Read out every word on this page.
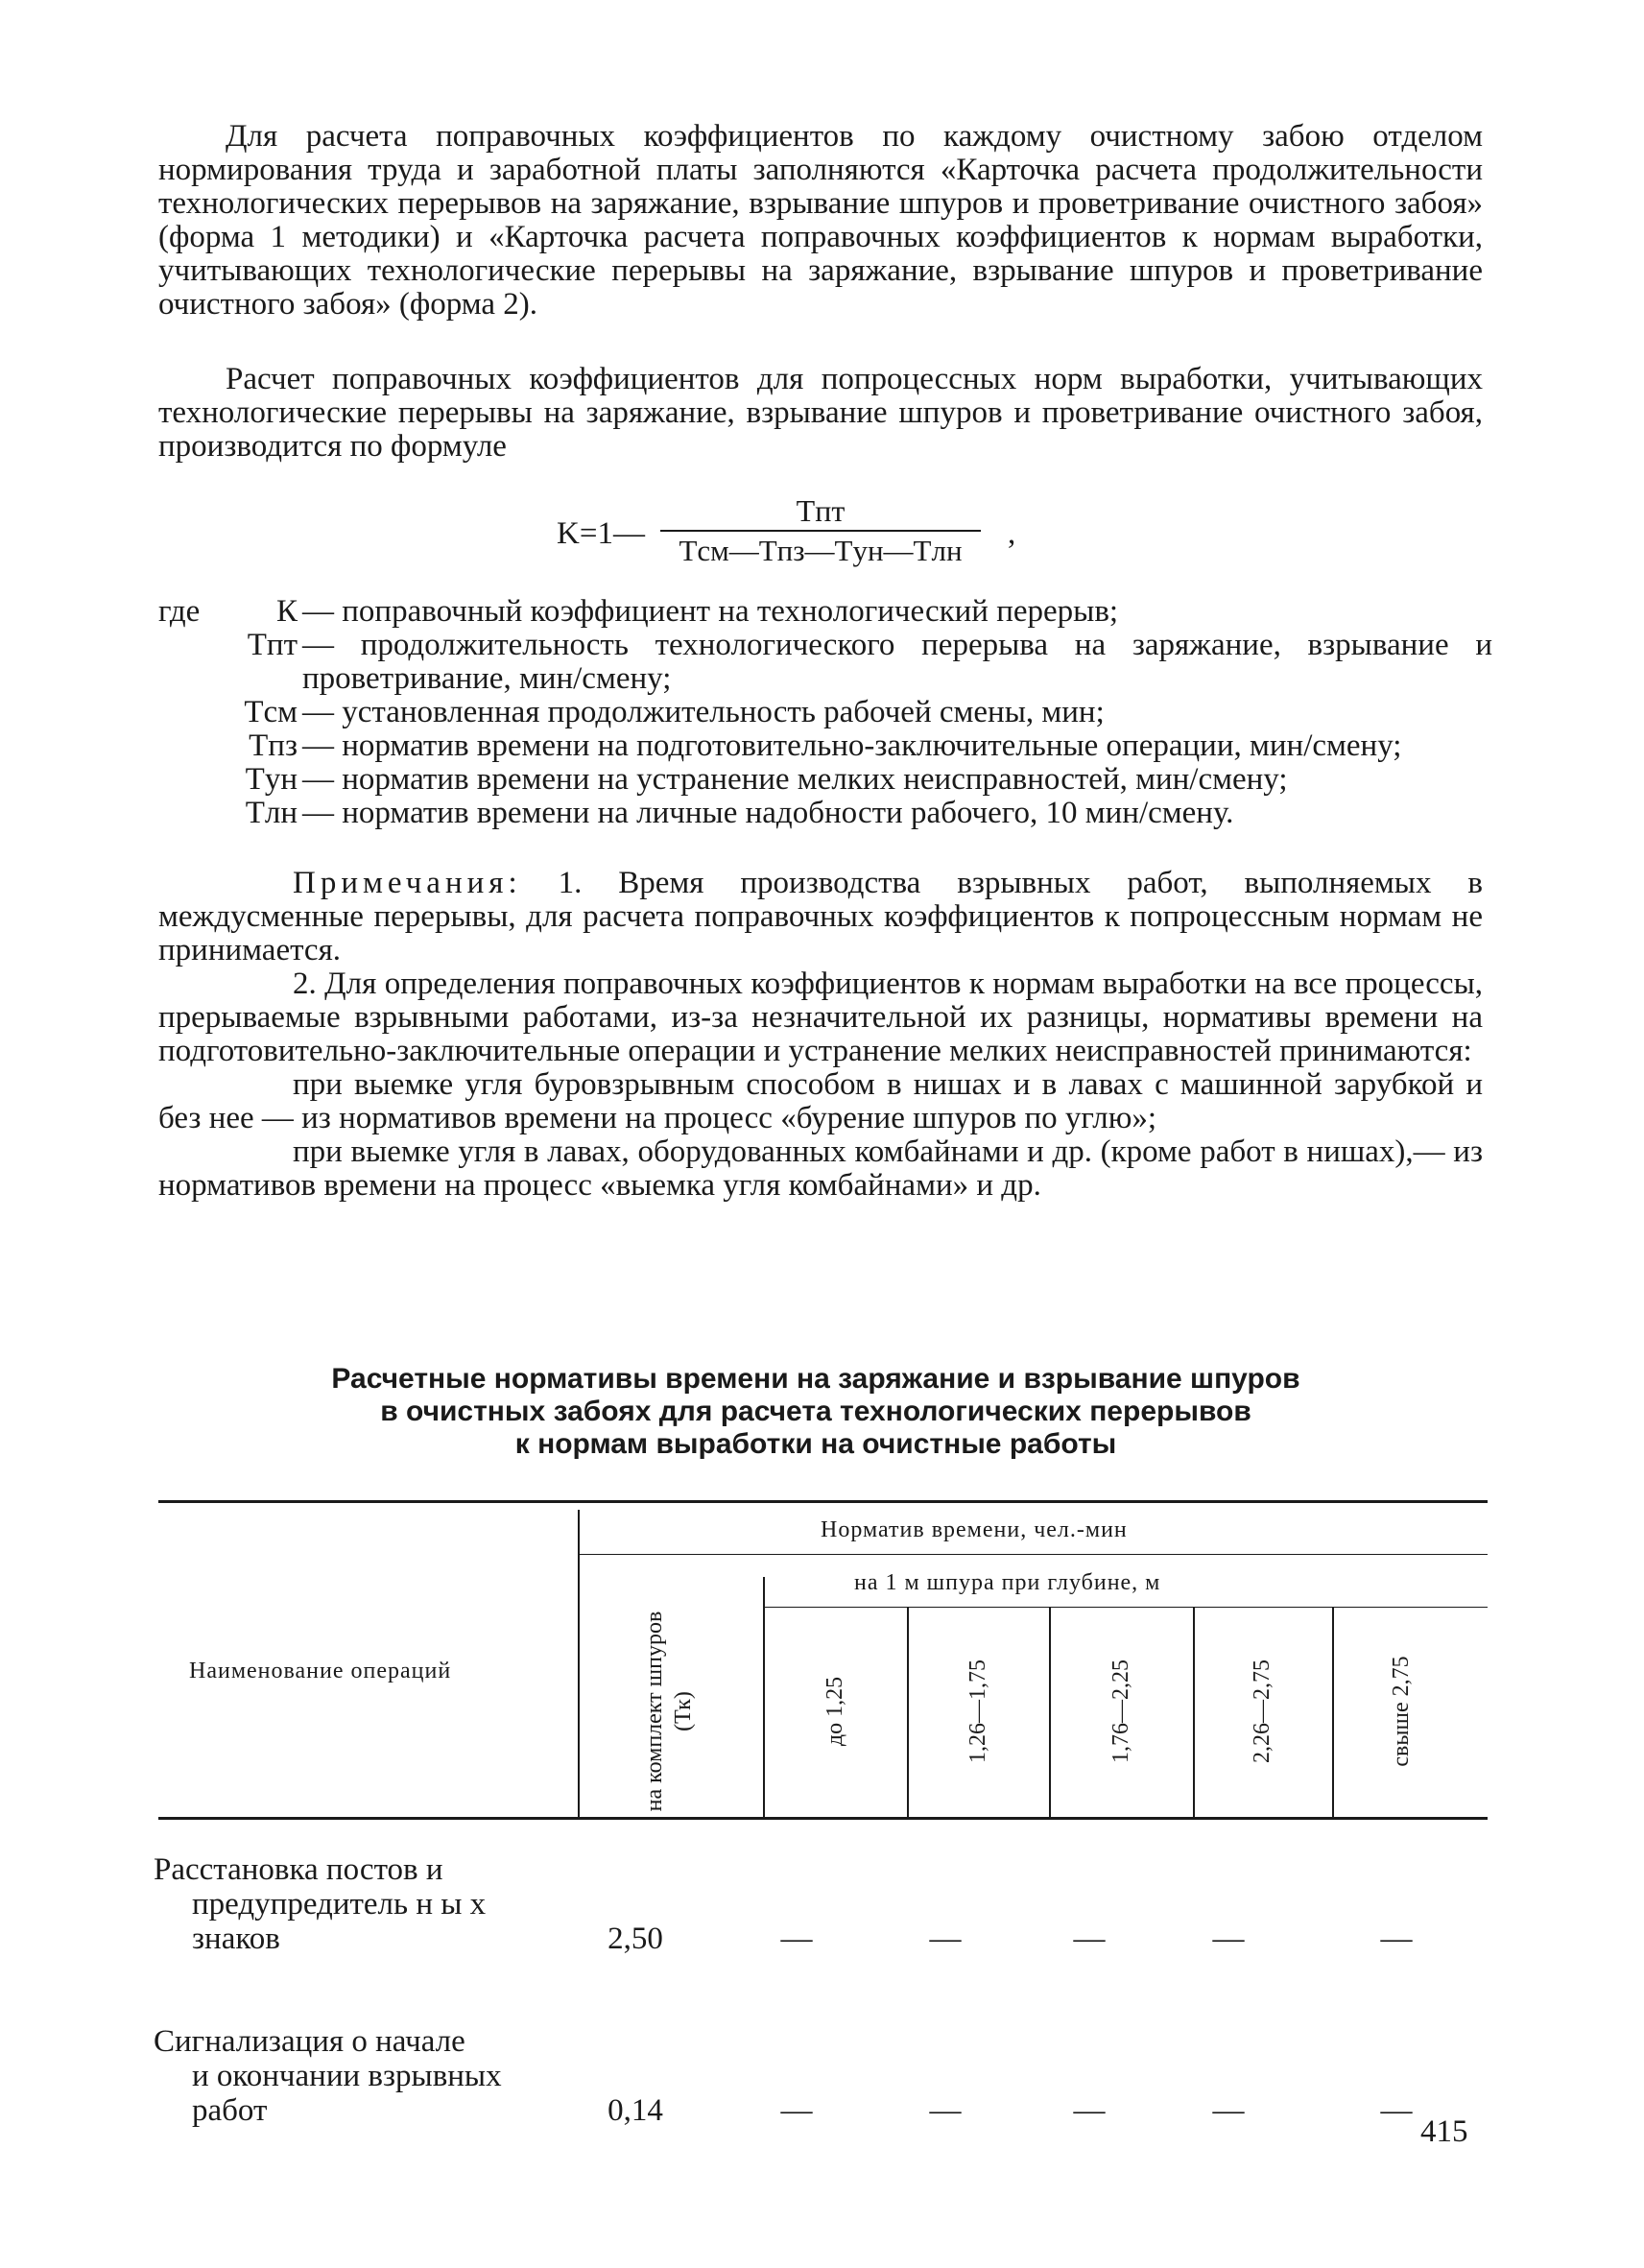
Для расчета поправочных коэффициентов по каждому очистному забою отделом нормирования труда и заработной платы заполняются «Карточка расчета продолжительности технологических перерывов на заряжание, взрывание шпуров и проветривание очистного забоя» (форма 1 методики) и «Карточка расчета поправочных коэффициентов к нормам выработки, учитывающих технологические перерывы на заряжание, взрывание шпуров и проветривание очистного забоя» (форма 2).

Расчет поправочных коэффициентов для попроцессных норм выработки, учитывающих технологические перерывы на заряжание, взрывание шпуров и проветривание очистного забоя, производится по формуле

K=1—
Tпт
Tсм—Tпз—Tун—Tлн	,
где	К — поправочный коэффициент на технологический перерыв;
Tпт — продолжительность технологического перерыва на заряжание, взрывание и проветривание, мин/смену;
Tсм — установленная продолжительность рабочей смены, мин;
Tпз — норматив времени на подготовительно-заключительные операции, мин/смену;
Tун — норматив времени на устранение мелких неисправностей, мин/смену;
Tлн — норматив времени на личные надобности рабочего, 10 мин/смену.

Примечания: 1. Время производства взрывных работ, выполняемых в междусменные перерывы, для расчета поправочных коэффициентов к попроцессным нормам не принимается.

2. Для определения поправочных коэффициентов к нормам выработки на все процессы, прерываемые взрывными работами, из-за незначительной их разницы, нормативы времени на подготовительно-заключительные операции и устранение мелких неисправностей принимаются:

при выемке угля буровзрывным способом в нишах и в лавах с машинной зарубкой и без нее — из нормативов времени на процесс «бурение шпуров по углю»;

при выемке угля в лавах, оборудованных комбайнами и др. (кроме работ в нишах),— из нормативов времени на процесс «выемка угля комбайнами» и др.

Расчетные нормативы времени на заряжание и взрывание шпуров
в очистных забоях для расчета технологических перерывов
к нормам выработки на очистные работы
Наименование операций
Норматив времени, чел.-мин
на 1 м шпура при глубине, м
на комплект шпуров (Тк)	до 1,25	1,26—1,75	1,76—2,25	2,26—2,75	свыше 2,75
Расстановка постов и
предупредитель н ы х
знаков	2,50	—	—	—	—	—
Сигнализация о начале
и окончании взрывных
работ	0,14	—	—	—	—	—
415
